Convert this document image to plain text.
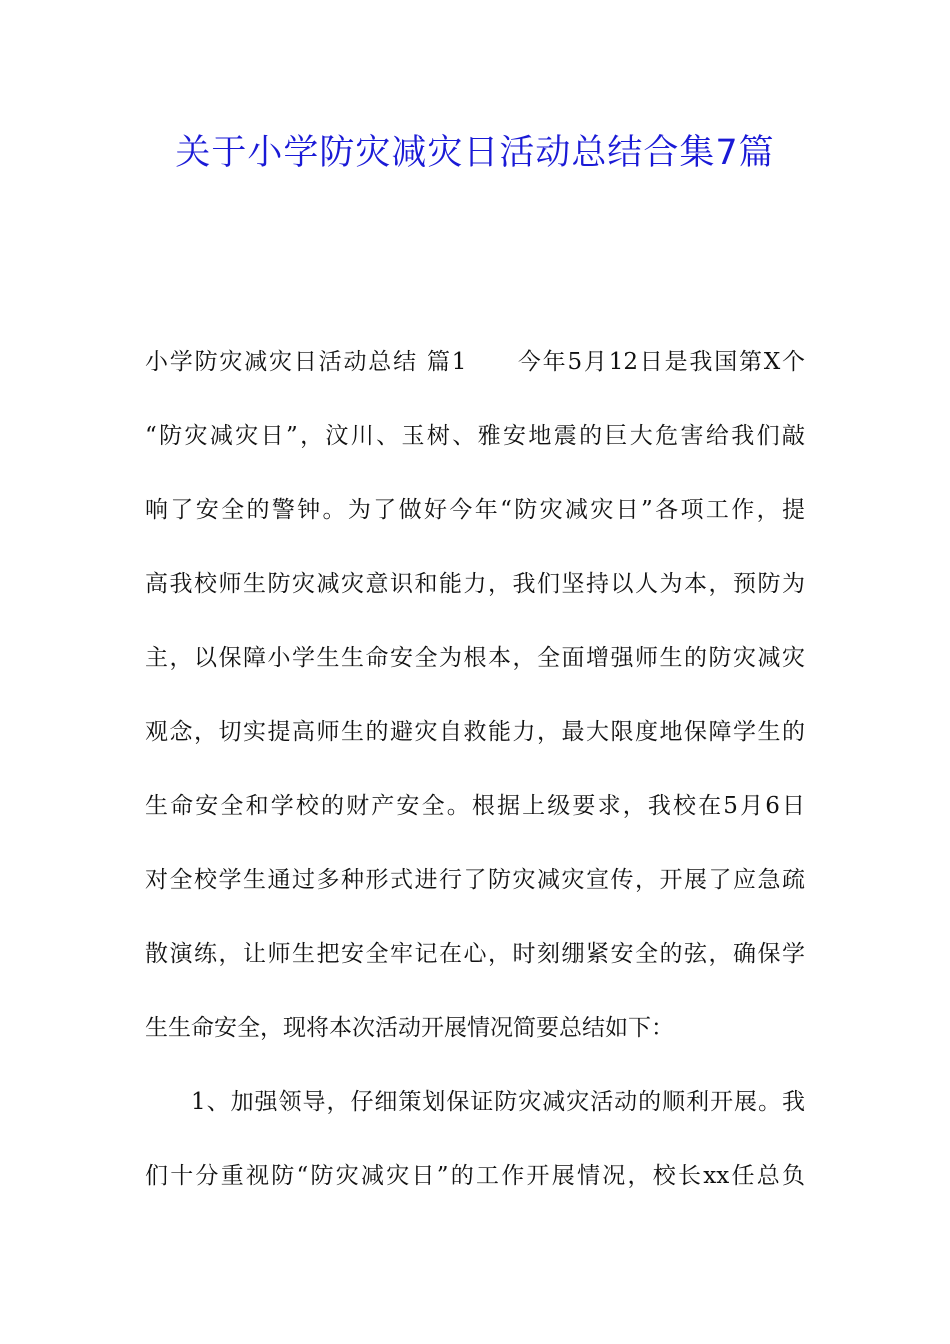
关于小学防灾减灾日活动总结合集7篇
小学防灾减灾日活动总结 篇1　　今年5月12日是我国第X个
“防灾减灾日”，汶川、玉树、雅安地震的巨大危害给我们敲
响了安全的警钟。为了做好今年“防灾减灾日”各项工作，提
高我校师生防灾减灾意识和能力，我们坚持以人为本，预防为
主，以保障小学生生命安全为根本，全面增强师生的防灾减灾
观念，切实提高师生的避灾自救能力，最大限度地保障学生的
生命安全和学校的财产安全。根据上级要求，我校在5月6日
对全校学生通过多种形式进行了防灾减灾宣传，开展了应急疏
散演练，让师生把安全牢记在心，时刻绷紧安全的弦，确保学
生生命安全，现将本次活动开展情况简要总结如下：
1、加强领导，仔细策划保证防灾减灾活动的顺利开展。我
们十分重视防“防灾减灾日”的工作开展情况，校长xx任总负
